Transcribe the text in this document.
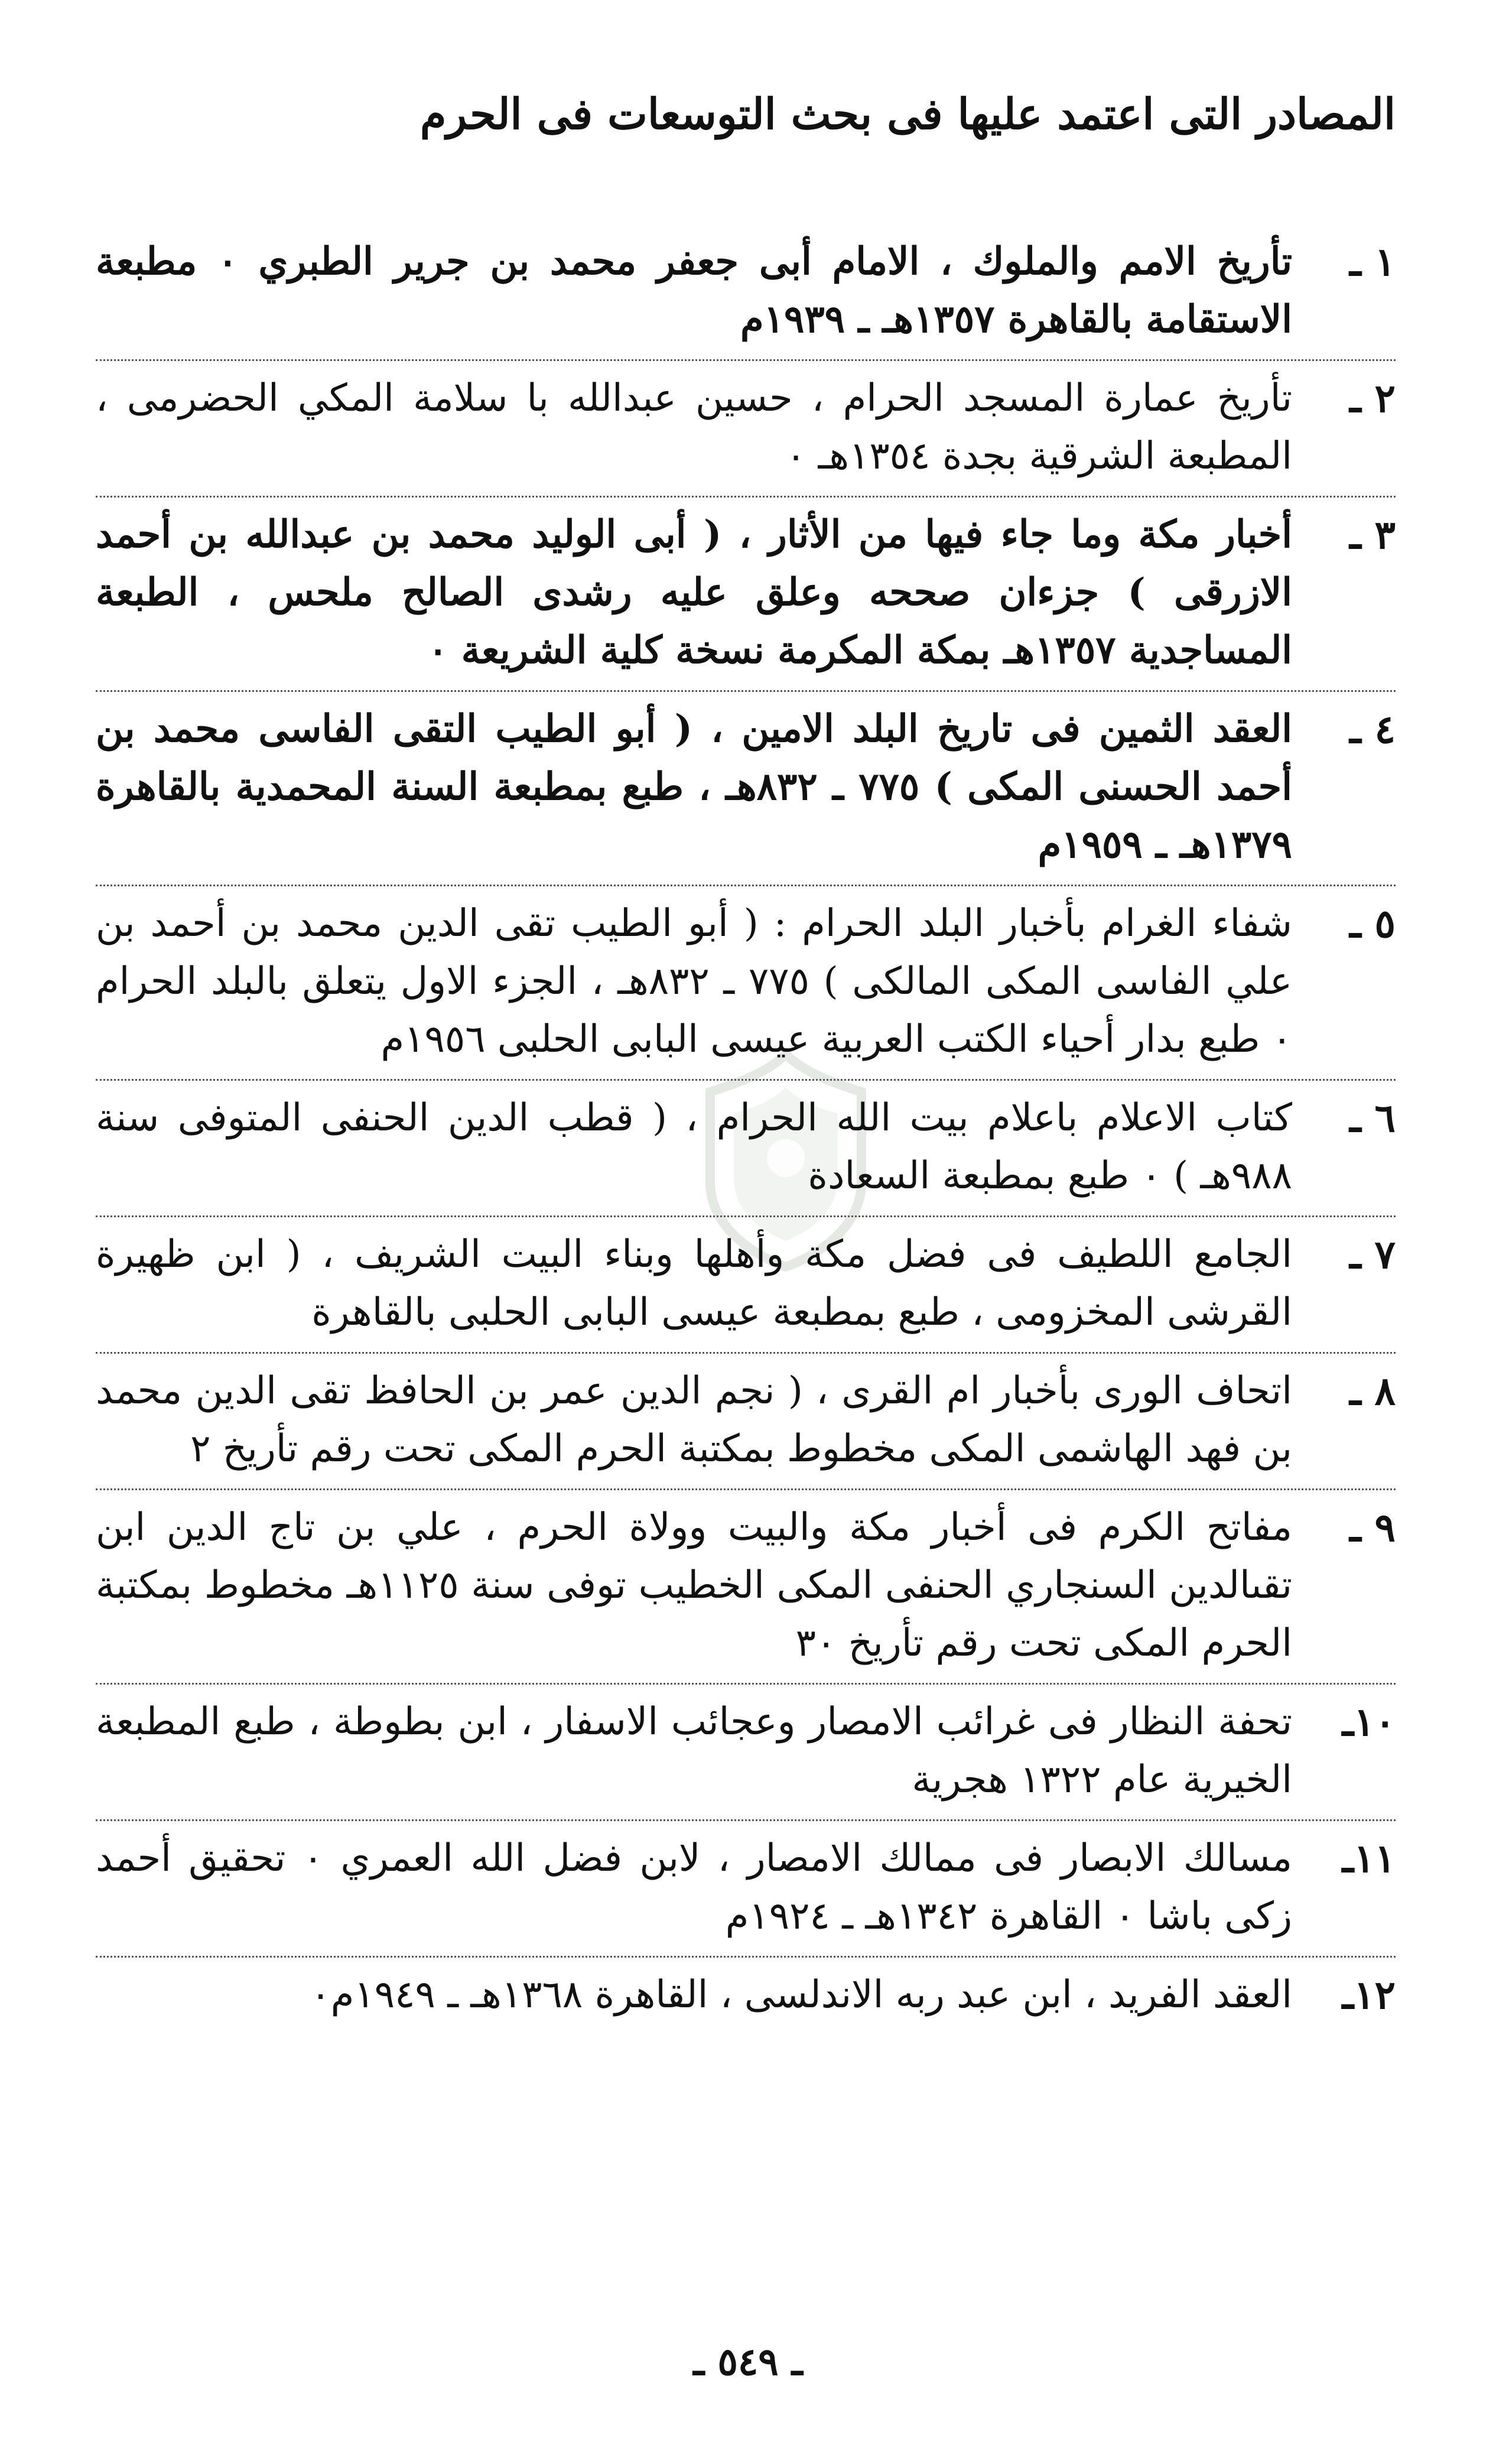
المصادر التى اعتمد عليها فى بحث التوسعات فى الحرم
١ ـ
تأريخ الامم والملوك ، الامام أبى جعفر محمد بن جرير الطبري ٠ مطبعة الاستقامة بالقاهرة ١٣٥٧هـ ـ ١٩٣٩م
٢ ـ
تأريخ عمارة المسجد الحرام ، حسين عبدالله با سلامة المكي الحضرمى ، المطبعة الشرقية بجدة ١٣٥٤هـ ٠
٣ ـ
أخبار مكة وما جاء فيها من الأثار ، ( أبى الوليد محمد بن عبدالله بن أحمد الازرقى ) جزءان صححه وعلق عليه رشدى الصالح ملحس ، الطبعة المساجدية ١٣٥٧هـ بمكة المكرمة نسخة كلية الشريعة ٠
٤ ـ
العقد الثمين فى تاريخ البلد الامين ، ( أبو الطيب التقى الفاسى محمد بن أحمد الحسنى المكى ) ٧٧٥ ـ ٨٣٢هـ ، طبع بمطبعة السنة المحمدية بالقاهرة ١٣٧٩هـ ـ ١٩٥٩م
٥ ـ
شفاء الغرام بأخبار البلد الحرام : ( أبو الطيب تقى الدين محمد بن أحمد بن علي الفاسى المكى المالكى ) ٧٧٥ ـ ٨٣٢هـ ، الجزء الاول يتعلق بالبلد الحرام ٠ طبع بدار أحياء الكتب العربية عيسى البابى الحلبى ١٩٥٦م
٦ ـ
كتاب الاعلام باعلام بيت الله الحرام ، ( قطب الدين الحنفى المتوفى سنة ٩٨٨هـ ) ٠ طبع بمطبعة السعادة
٧ ـ
الجامع اللطيف فى فضل مكة وأهلها وبناء البيت الشريف ، ( ابن ظهيرة القرشى المخزومى ، طبع بمطبعة عيسى البابى الحلبى بالقاهرة
٨ ـ
اتحاف الورى بأخبار ام القرى ، ( نجم الدين عمر بن الحافظ تقى الدين محمد بن فهد الهاشمى المكى مخطوط بمكتبة الحرم المكى تحت رقم تأريخ ٢
٩ ـ
مفاتح الكرم فى أخبار مكة والبيت وولاة الحرم ، علي بن تاج الدين ابن تقىالدين السنجاري الحنفى المكى الخطيب توفى سنة ١١٢٥هـ مخطوط بمكتبة الحرم المكى تحت رقم تأريخ ٣٠
١٠ـ
تحفة النظار فى غرائب الامصار وعجائب الاسفار ، ابن بطوطة ، طبع المطبعة الخيرية عام ١٣٢٢ هجرية
١١ـ
مسالك الابصار فى ممالك الامصار ، لابن فضل الله العمري ٠ تحقيق أحمد زكى باشا ٠ القاهرة ١٣٤٢هـ ـ ١٩٢٤م
١٢ـ
العقد الفريد ، ابن عبد ربه الاندلسى ، القاهرة ١٣٦٨هـ ـ ١٩٤٩م٠
ـ ٥٤٩ ـ
